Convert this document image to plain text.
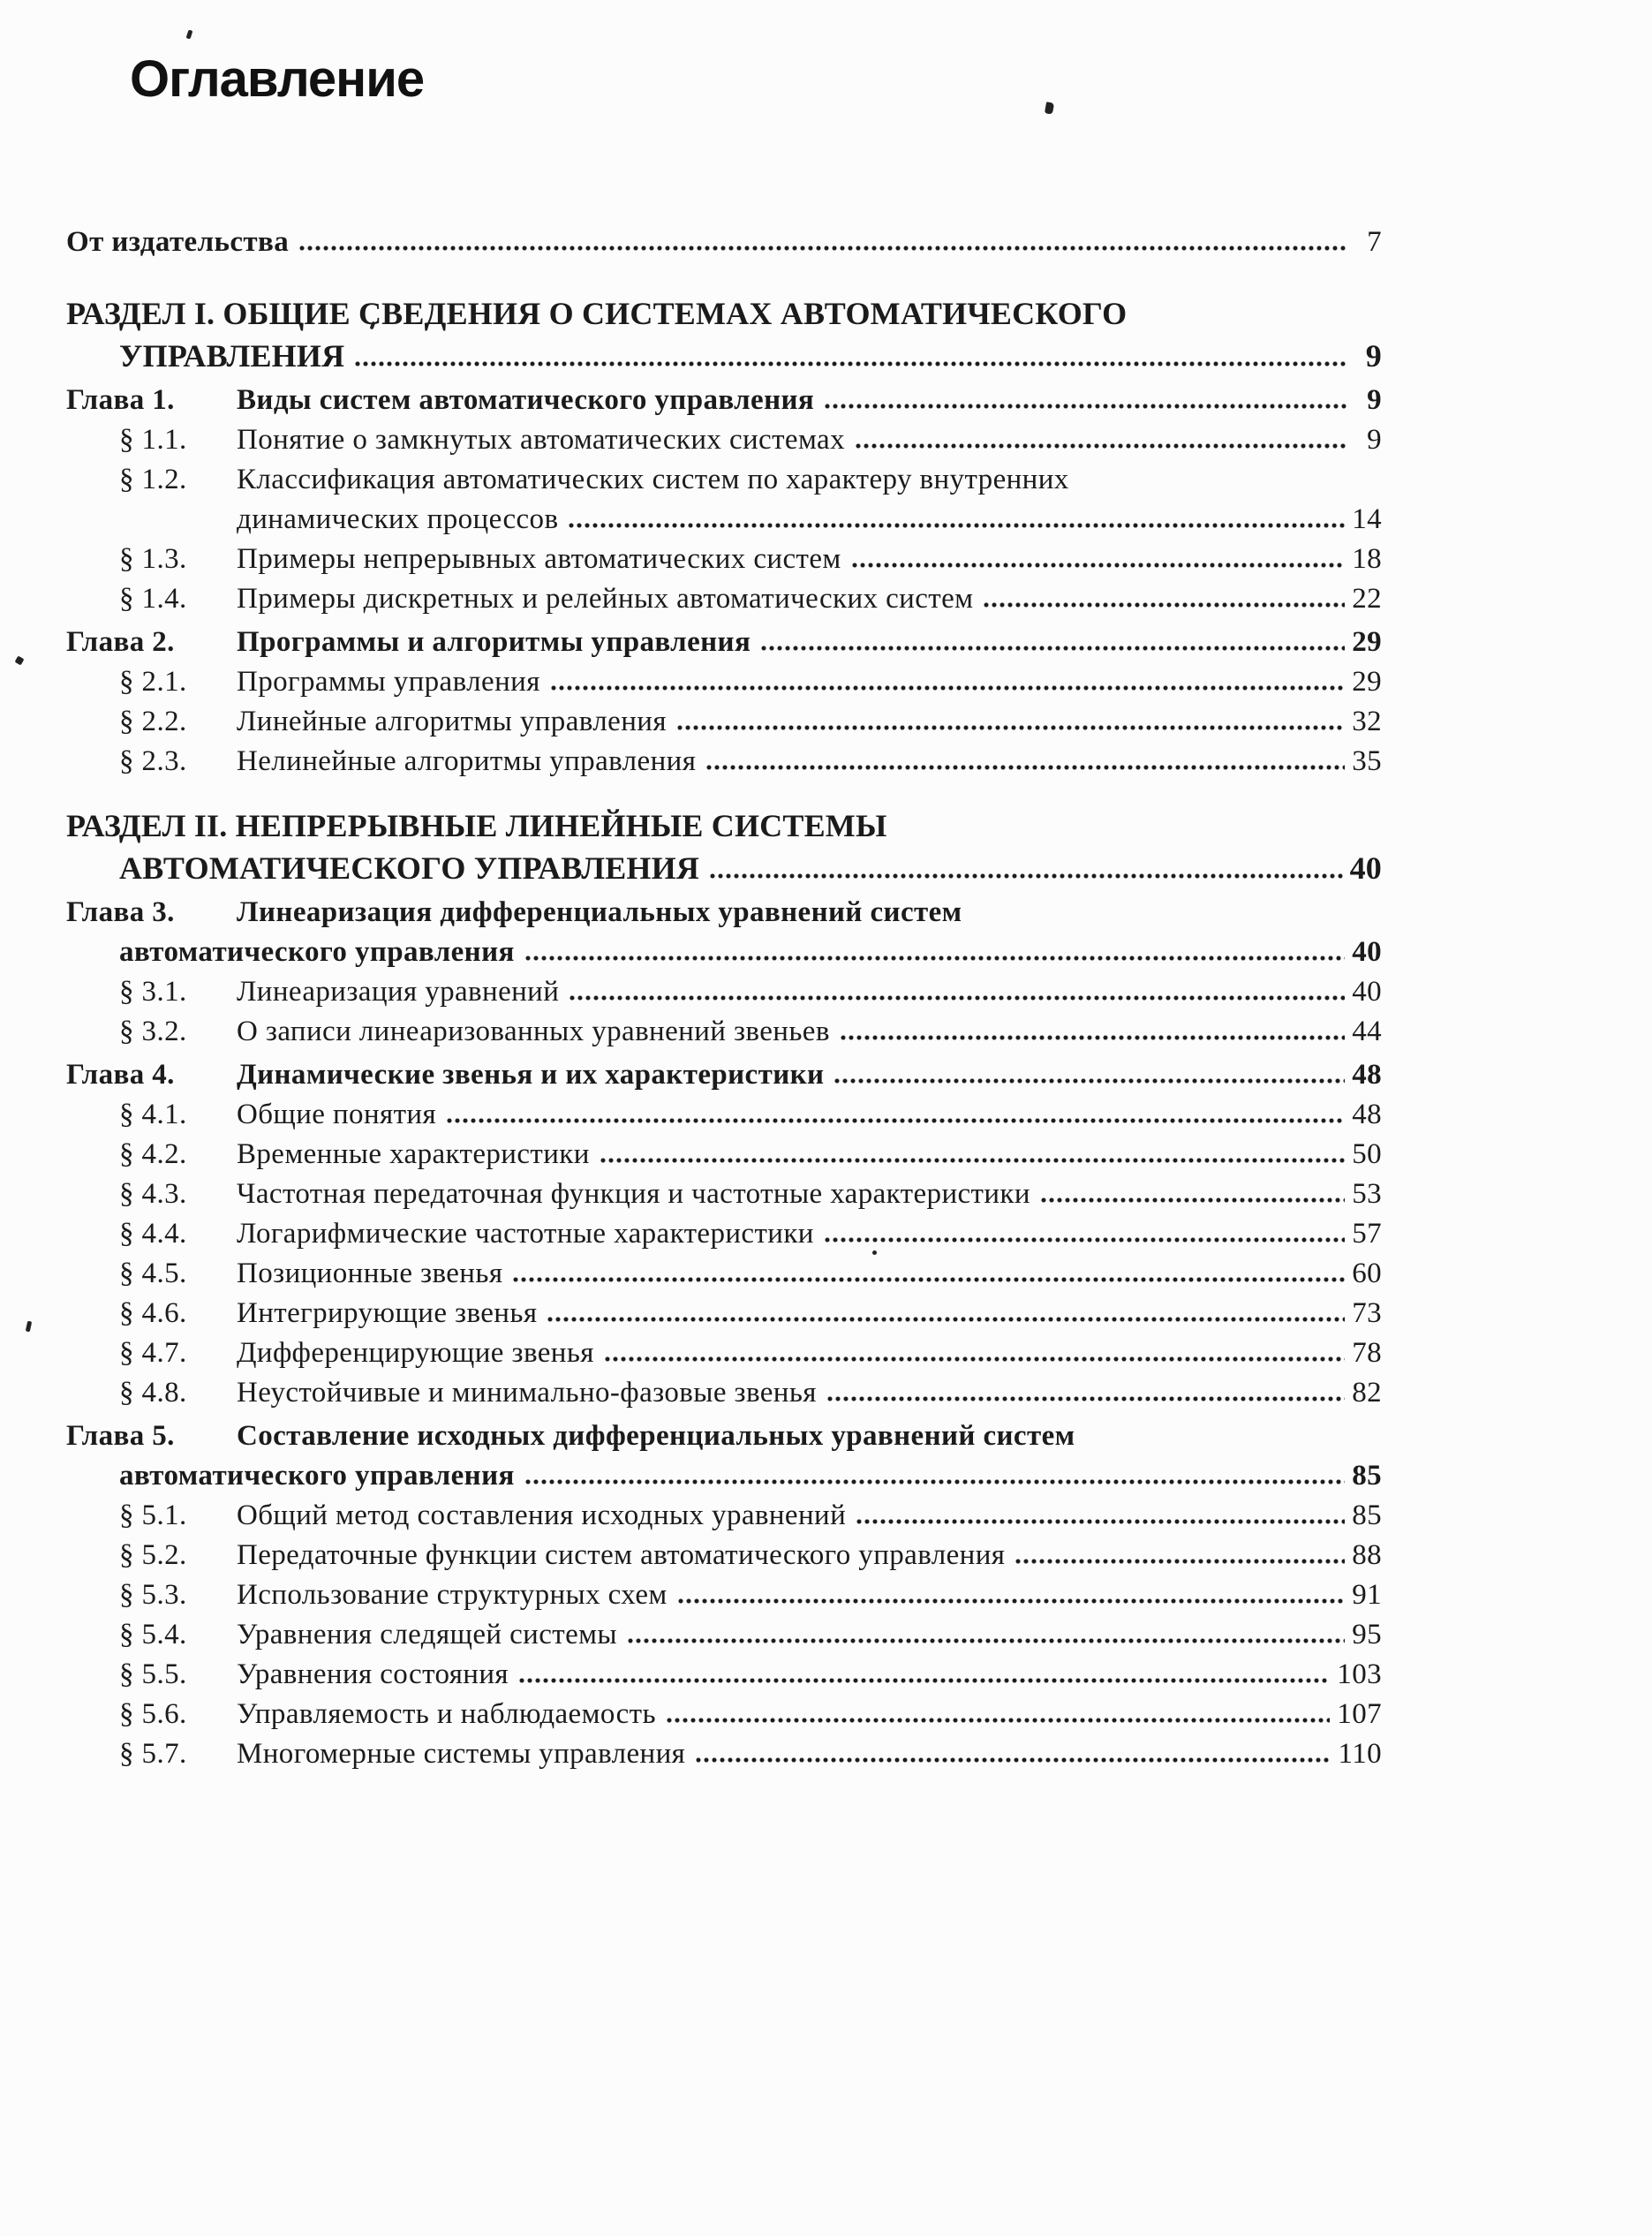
Оглавление
От издательства	7
РАЗДЕЛ I. ОБЩИЕ СВЕДЕНИЯ О СИСТЕМАХ АВТОМАТИЧЕСКОГО
УПРАВЛЕНИЯ	9
Глава 1.	Виды систем автоматического управления	9
§ 1.1.	Понятие о замкнутых автоматических системах	9
§ 1.2.	Классификация автоматических систем по характеру внутренних
динамических процессов	14
§ 1.3.	Примеры непрерывных автоматических систем	18
§ 1.4.	Примеры дискретных и релейных автоматических систем	22
Глава 2.	Программы и алгоритмы управления	29
§ 2.1.	Программы управления	29
§ 2.2.	Линейные алгоритмы управления	32
§ 2.3.	Нелинейные алгоритмы управления	35
РАЗДЕЛ II. НЕПРЕРЫВНЫЕ ЛИНЕЙНЫЕ СИСТЕМЫ
АВТОМАТИЧЕСКОГО УПРАВЛЕНИЯ	40
Глава 3.	Линеаризация дифференциальных уравнений систем
автоматического управления	40
§ 3.1.	Линеаризация уравнений	40
§ 3.2.	О записи линеаризованных уравнений звеньев	44
Глава 4.	Динамические звенья и их характеристики	48
§ 4.1.	Общие понятия	48
§ 4.2.	Временные характеристики	50
§ 4.3.	Частотная передаточная функция и частотные характеристики	53
§ 4.4.	Логарифмические частотные характеристики	57
§ 4.5.	Позиционные звенья	60
§ 4.6.	Интегрирующие звенья	73
§ 4.7.	Дифференцирующие звенья	78
§ 4.8.	Неустойчивые и минимально-фазовые звенья	82
Глава 5.	Составление исходных дифференциальных уравнений систем
автоматического управления	85
§ 5.1.	Общий метод составления исходных уравнений	85
§ 5.2.	Передаточные функции систем автоматического управления	88
§ 5.3.	Использование структурных схем	91
§ 5.4.	Уравнения следящей системы	95
§ 5.5.	Уравнения состояния	103
§ 5.6.	Управляемость и наблюдаемость	107
§ 5.7.	Многомерные системы управления	110
